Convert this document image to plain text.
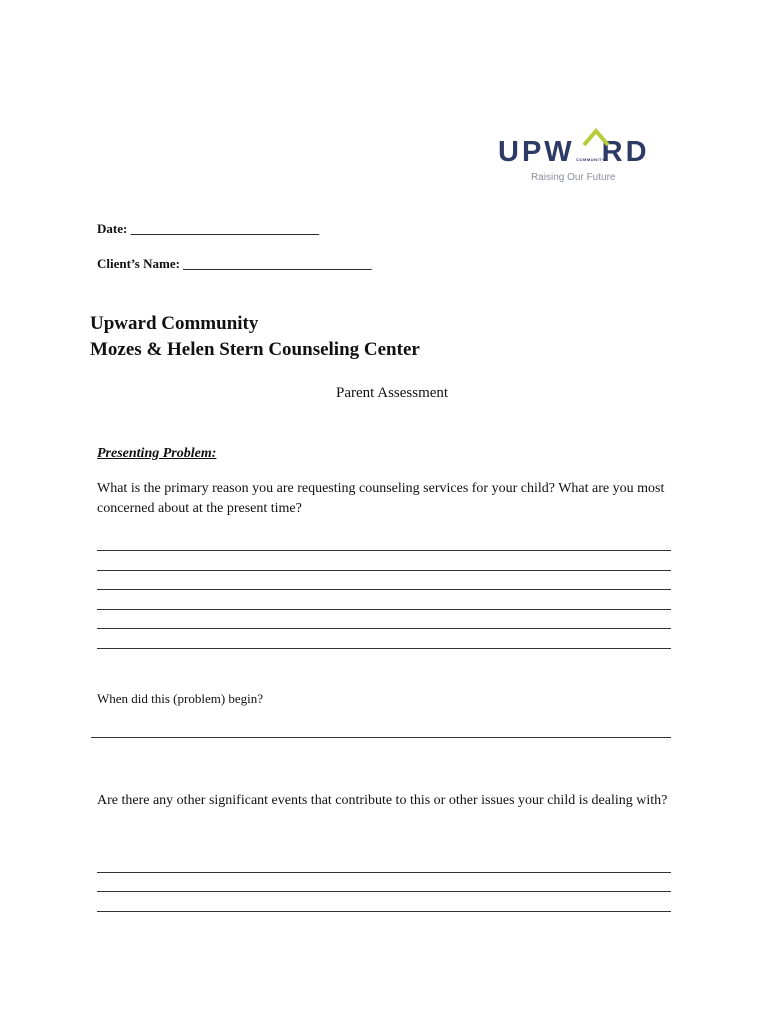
UPW RD
COMMUNITY
Raising Our Future
Date: _____________________________
Client’s Name: _____________________________
Upward Community
Mozes & Helen Stern Counseling Center
Parent Assessment
Presenting Problem:
What is the primary reason you are requesting counseling services for your child? What are you most concerned about at the present time?
When did this (problem) begin?
Are there any other significant events that contribute to this or other issues your child is dealing with?
